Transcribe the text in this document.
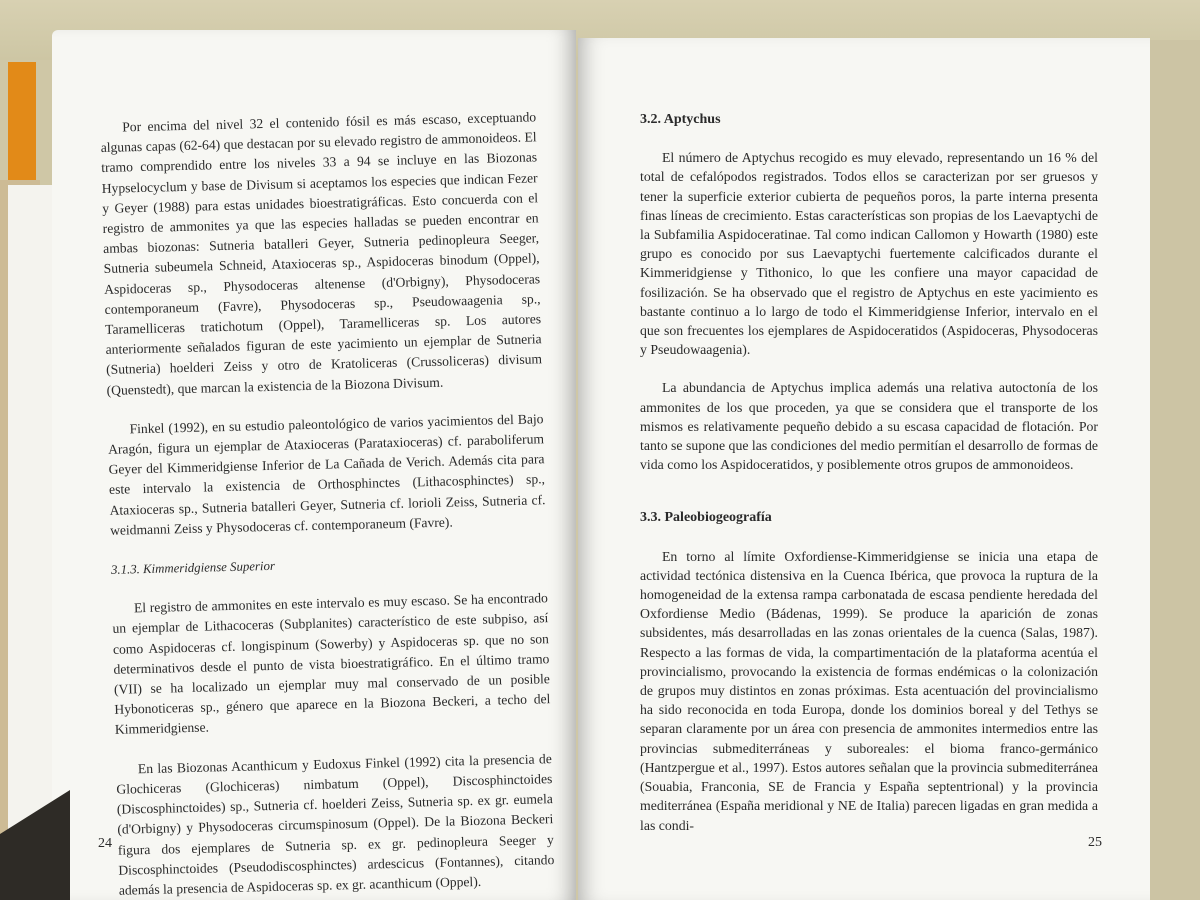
Por encima del nivel 32 el contenido fósil es más escaso, exceptuando algunas capas (62-64) que destacan por su elevado registro de ammonoideos. El tramo comprendido entre los niveles 33 a 94 se incluye en las Biozonas Hypselocyclum y base de Divisum si aceptamos los especies que indican Fezer y Geyer (1988) para estas unidades bioestratigráficas. Esto concuerda con el registro de ammonites ya que las especies halladas se pueden encontrar en ambas biozonas: Sutneria batalleri Geyer, Sutneria pedinopleura Seeger, Sutneria subeumela Schneid, Ataxioceras sp., Aspidoceras binodum (Oppel), Aspidoceras sp., Physodoceras altenense (d'Orbigny), Physodoceras contemporaneum (Favre), Physodoceras sp., Pseudowaagenia sp., Taramelliceras tratichotum (Oppel), Taramelliceras sp. Los autores anteriormente señalados figuran de este yacimiento un ejemplar de Sutneria (Sutneria) hoelderi Zeiss y otro de Kratoliceras (Crussoliceras) divisum (Quenstedt), que marcan la existencia de la Biozona Divisum.

Finkel (1992), en su estudio paleontológico de varios yacimientos del Bajo Aragón, figura un ejemplar de Ataxioceras (Parataxioceras) cf. paraboliferum Geyer del Kimmeridgiense Inferior de La Cañada de Verich. Además cita para este intervalo la existencia de Orthosphinctes (Lithacosphinctes) sp., Ataxioceras sp., Sutneria batalleri Geyer, Sutneria cf. lorioli Zeiss, Sutneria cf. weidmanni Zeiss y Physodoceras cf. contemporaneum (Favre).

3.1.3. Kimmeridgiense Superior

El registro de ammonites en este intervalo es muy escaso. Se ha encontrado un ejemplar de Lithacoceras (Subplanites) característico de este subpiso, así como Aspidoceras cf. longispinum (Sowerby) y Aspidoceras sp. que no son determinativos desde el punto de vista bioestratigráfico. En el último tramo (VII) se ha localizado un ejemplar muy mal conservado de un posible Hybonoticeras sp., género que aparece en la Biozona Beckeri, a techo del Kimmeridgiense.

En las Biozonas Acanthicum y Eudoxus Finkel (1992) cita la presencia de Glochiceras (Glochiceras) nimbatum (Oppel), Discosphinctoides (Discosphinctoides) sp., Sutneria cf. hoelderi Zeiss, Sutneria sp. ex gr. eumela (d'Orbigny) y Physodoceras circumspinosum (Oppel). De la Biozona Beckeri figura dos ejemplares de Sutneria sp. ex gr. pedinopleura Seeger y Discosphinctoides (Pseudodiscosphinctes) ardescicus (Fontannes), citando además la presencia de Aspidoceras sp. ex gr. acanthicum (Oppel).

24

3.2. Aptychus

El número de Aptychus recogido es muy elevado, representando un 16 % del total de cefalópodos registrados. Todos ellos se caracterizan por ser gruesos y tener la superficie exterior cubierta de pequeños poros, la parte interna presenta finas líneas de crecimiento. Estas características son propias de los Laevaptychi de la Subfamilia Aspidoceratinae. Tal como indican Callomon y Howarth (1980) este grupo es conocido por sus Laevaptychi fuertemente calcificados durante el Kimmeridgiense y Tithonico, lo que les confiere una mayor capacidad de fosilización. Se ha observado que el registro de Aptychus en este yacimiento es bastante continuo a lo largo de todo el Kimmeridgiense Inferior, intervalo en el que son frecuentes los ejemplares de Aspidoceratidos (Aspidoceras, Physodoceras y Pseudowaagenia).

La abundancia de Aptychus implica además una relativa autoctonía de los ammonites de los que proceden, ya que se considera que el transporte de los mismos es relativamente pequeño debido a su escasa capacidad de flotación. Por tanto se supone que las condiciones del medio permitían el desarrollo de formas de vida como los Aspidoceratidos, y posiblemente otros grupos de ammonoideos.

3.3. Paleobiogeografía

En torno al límite Oxfordiense-Kimmeridgiense se inicia una etapa de actividad tectónica distensiva en la Cuenca Ibérica, que provoca la ruptura de la homogeneidad de la extensa rampa carbonatada de escasa pendiente heredada del Oxfordiense Medio (Bádenas, 1999). Se produce la aparición de zonas subsidentes, más desarrolladas en las zonas orientales de la cuenca (Salas, 1987). Respecto a las formas de vida, la compartimentación de la plataforma acentúa el provincialismo, provocando la existencia de formas endémicas o la colonización de grupos muy distintos en zonas próximas. Esta acentuación del provincialismo ha sido reconocida en toda Europa, donde los dominios boreal y del Tethys se separan claramente por un área con presencia de ammonites intermedios entre las provincias submediterráneas y suboreales: el bioma franco-germánico (Hantzpergue et al., 1997). Estos autores señalan que la provincia submediterránea (Souabia, Franconia, SE de Francia y España septentrional) y la provincia mediterránea (España meridional y NE de Italia) parecen ligadas en gran medida a las condi-

25
